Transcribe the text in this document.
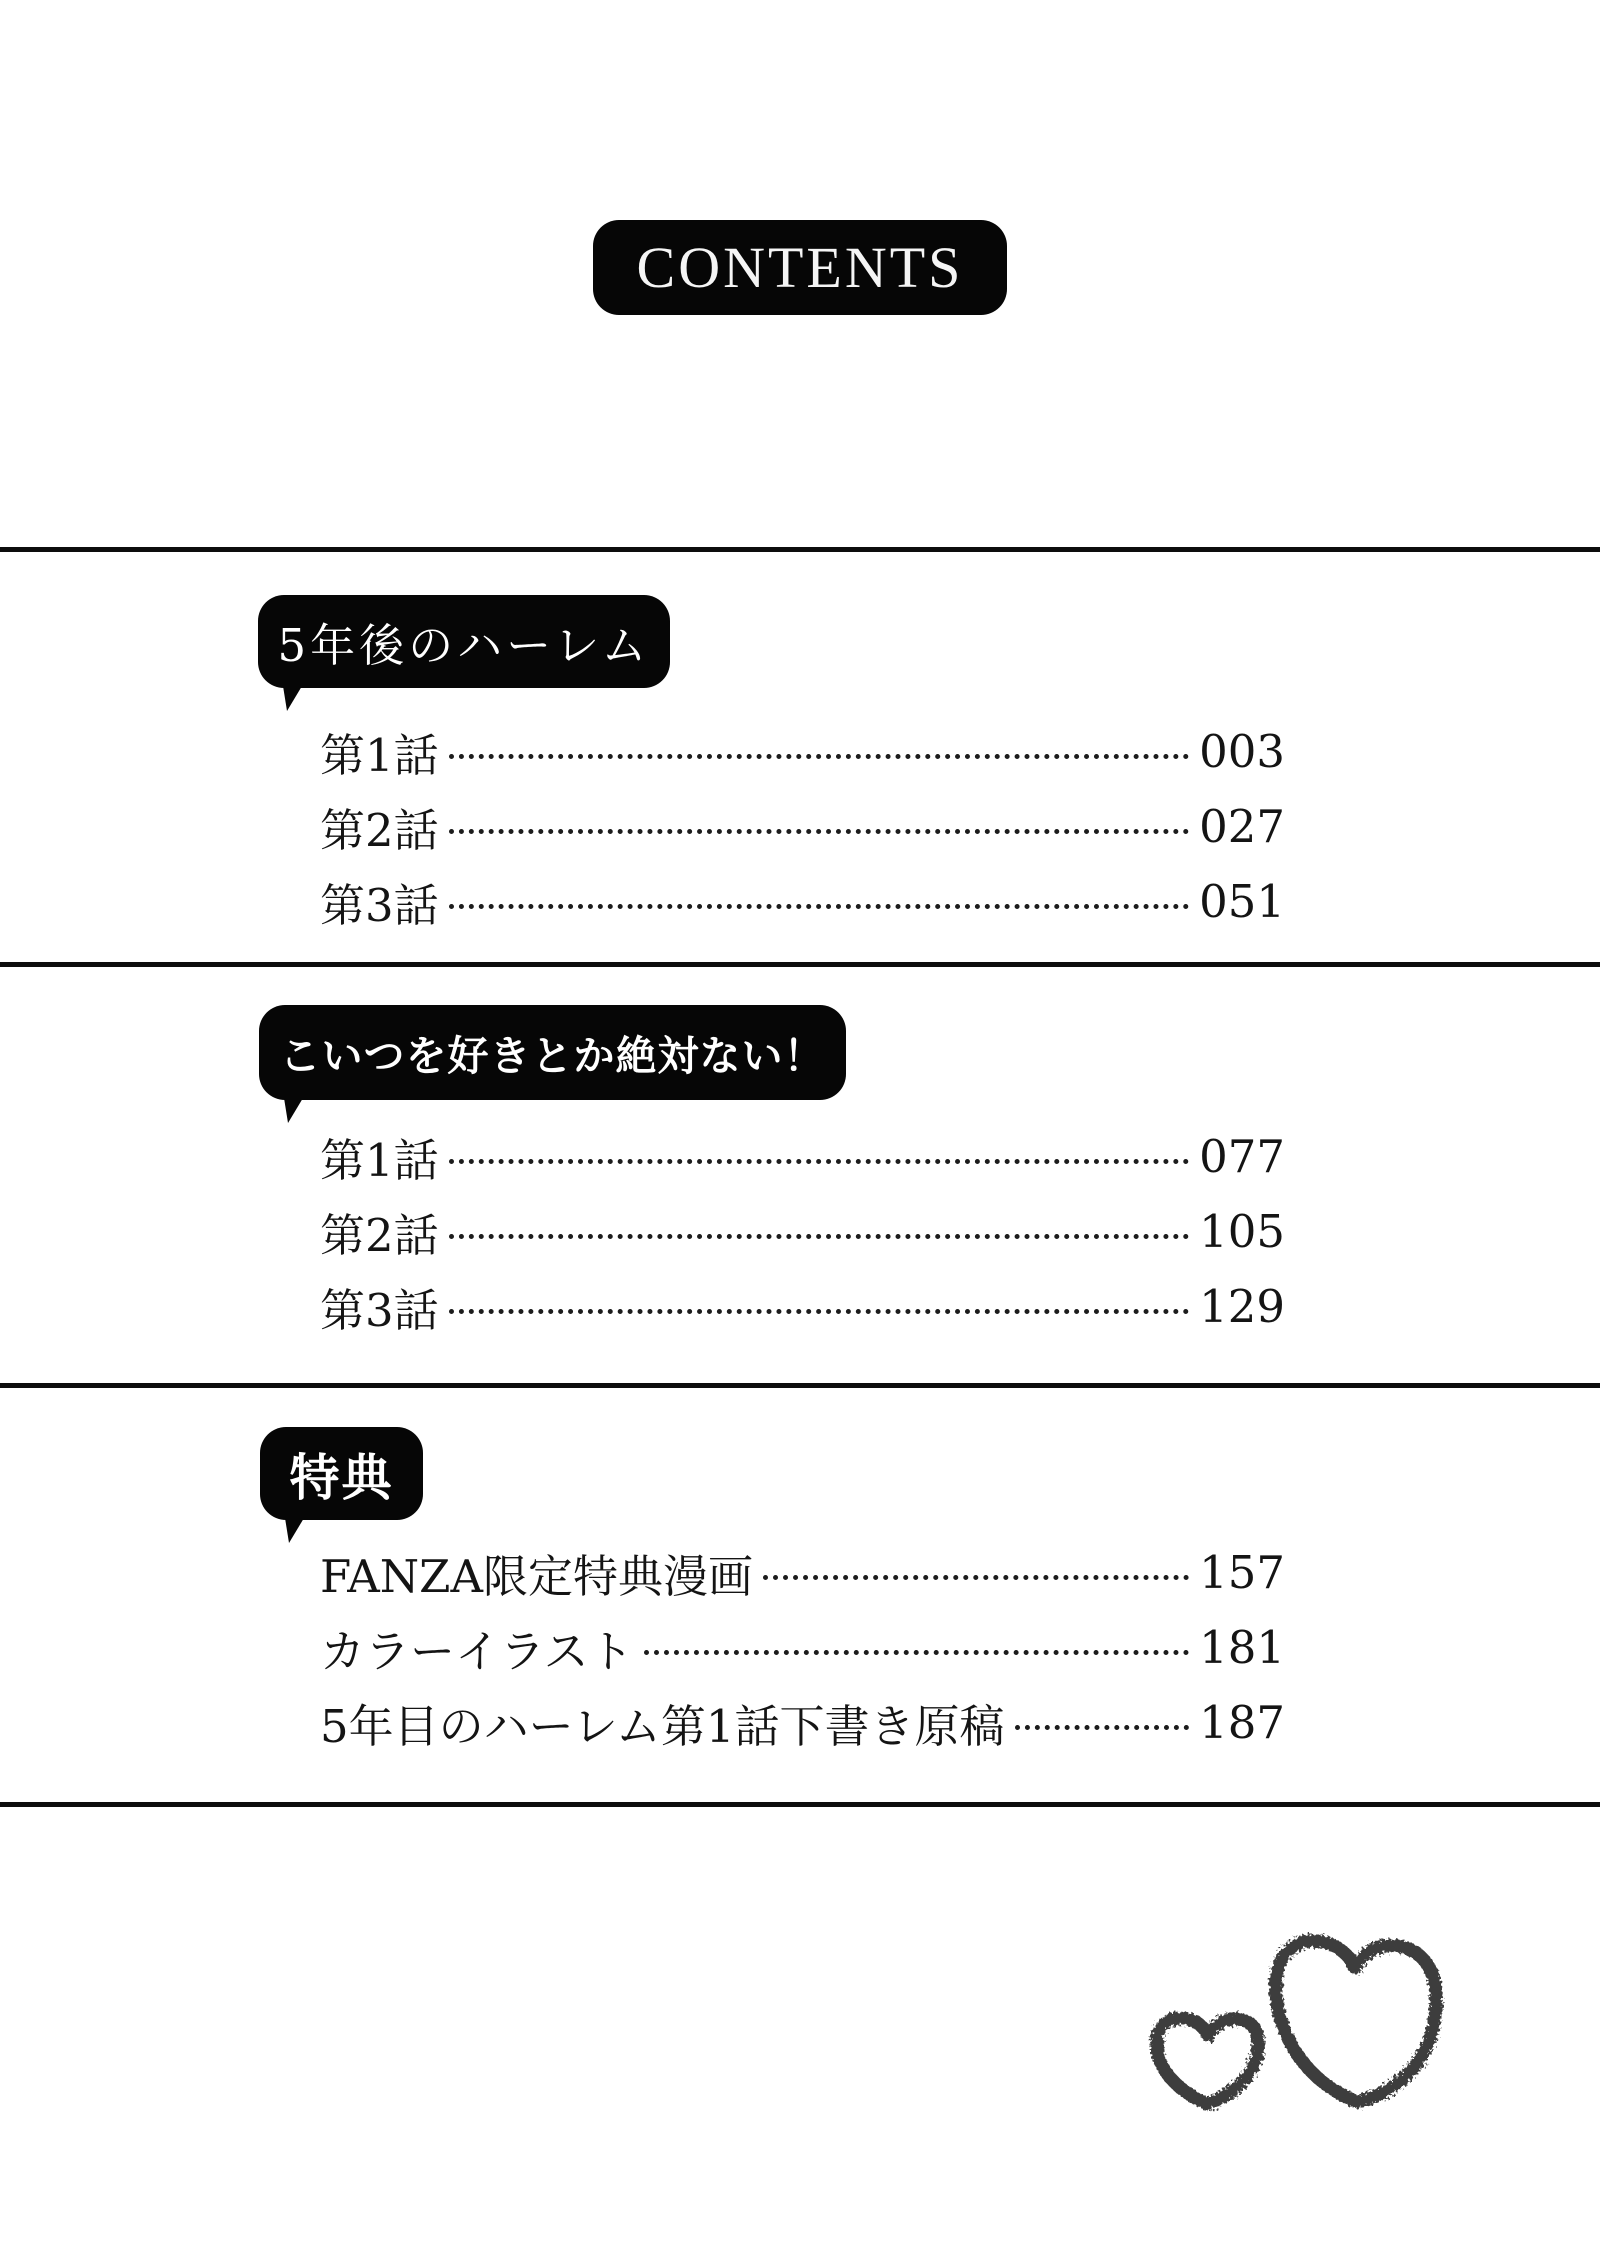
CONTENTS
5年後のハーレム
第1話	003
第2話	027
第3話	051
こいつを好きとか絶対ない！
第1話	077
第2話	105
第3話	129
特典
FANZA限定特典漫画	157
カラーイラスト	181
5年目のハーレム第1話下書き原稿	187
